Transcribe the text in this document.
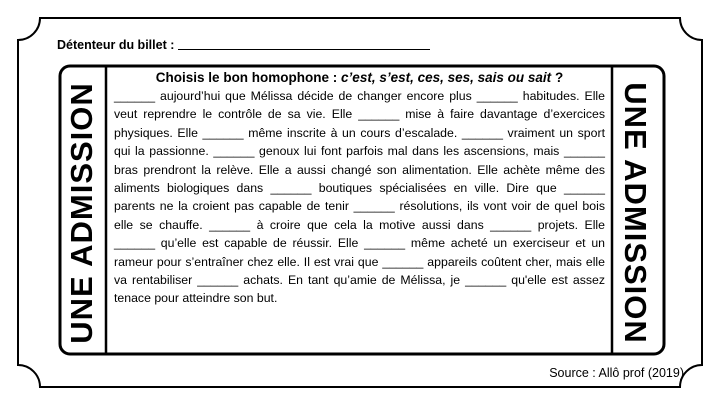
Détenteur du billet :
UNE ADMISSION	UNE ADMISSION
Choisis le bon homophone : c’est, s’est, ces, ses, sais ou sait ?
______ aujourd’hui que Mélissa décide de changer encore plus ______ habitudes. Elle veut reprendre le contrôle de sa vie. Elle ______ mise à faire davantage d’exercices physiques. Elle ______ même inscrite à un cours d’escalade. ______ vraiment un sport qui la passionne. ______ genoux lui font parfois mal dans les ascensions, mais ______ bras prendront la relève. Elle a aussi changé son alimentation. Elle achète même des aliments biologiques dans ______ boutiques spécialisées en ville. Dire que ______ parents ne la croient pas capable de tenir ______ résolutions, ils vont voir de quel bois elle se chauffe. ______ à croire que cela la motive aussi dans ______ projets. Elle ______ qu’elle est capable de réussir. Elle ______ même acheté un exerciseur et un rameur pour s’entraîner chez elle. Il est vrai que ______ appareils coûtent cher, mais elle va rentabiliser ______ achats. En tant qu’amie de Mélissa, je ______ qu'elle est assez tenace pour atteindre son but.
Source : Allô prof (2019)
